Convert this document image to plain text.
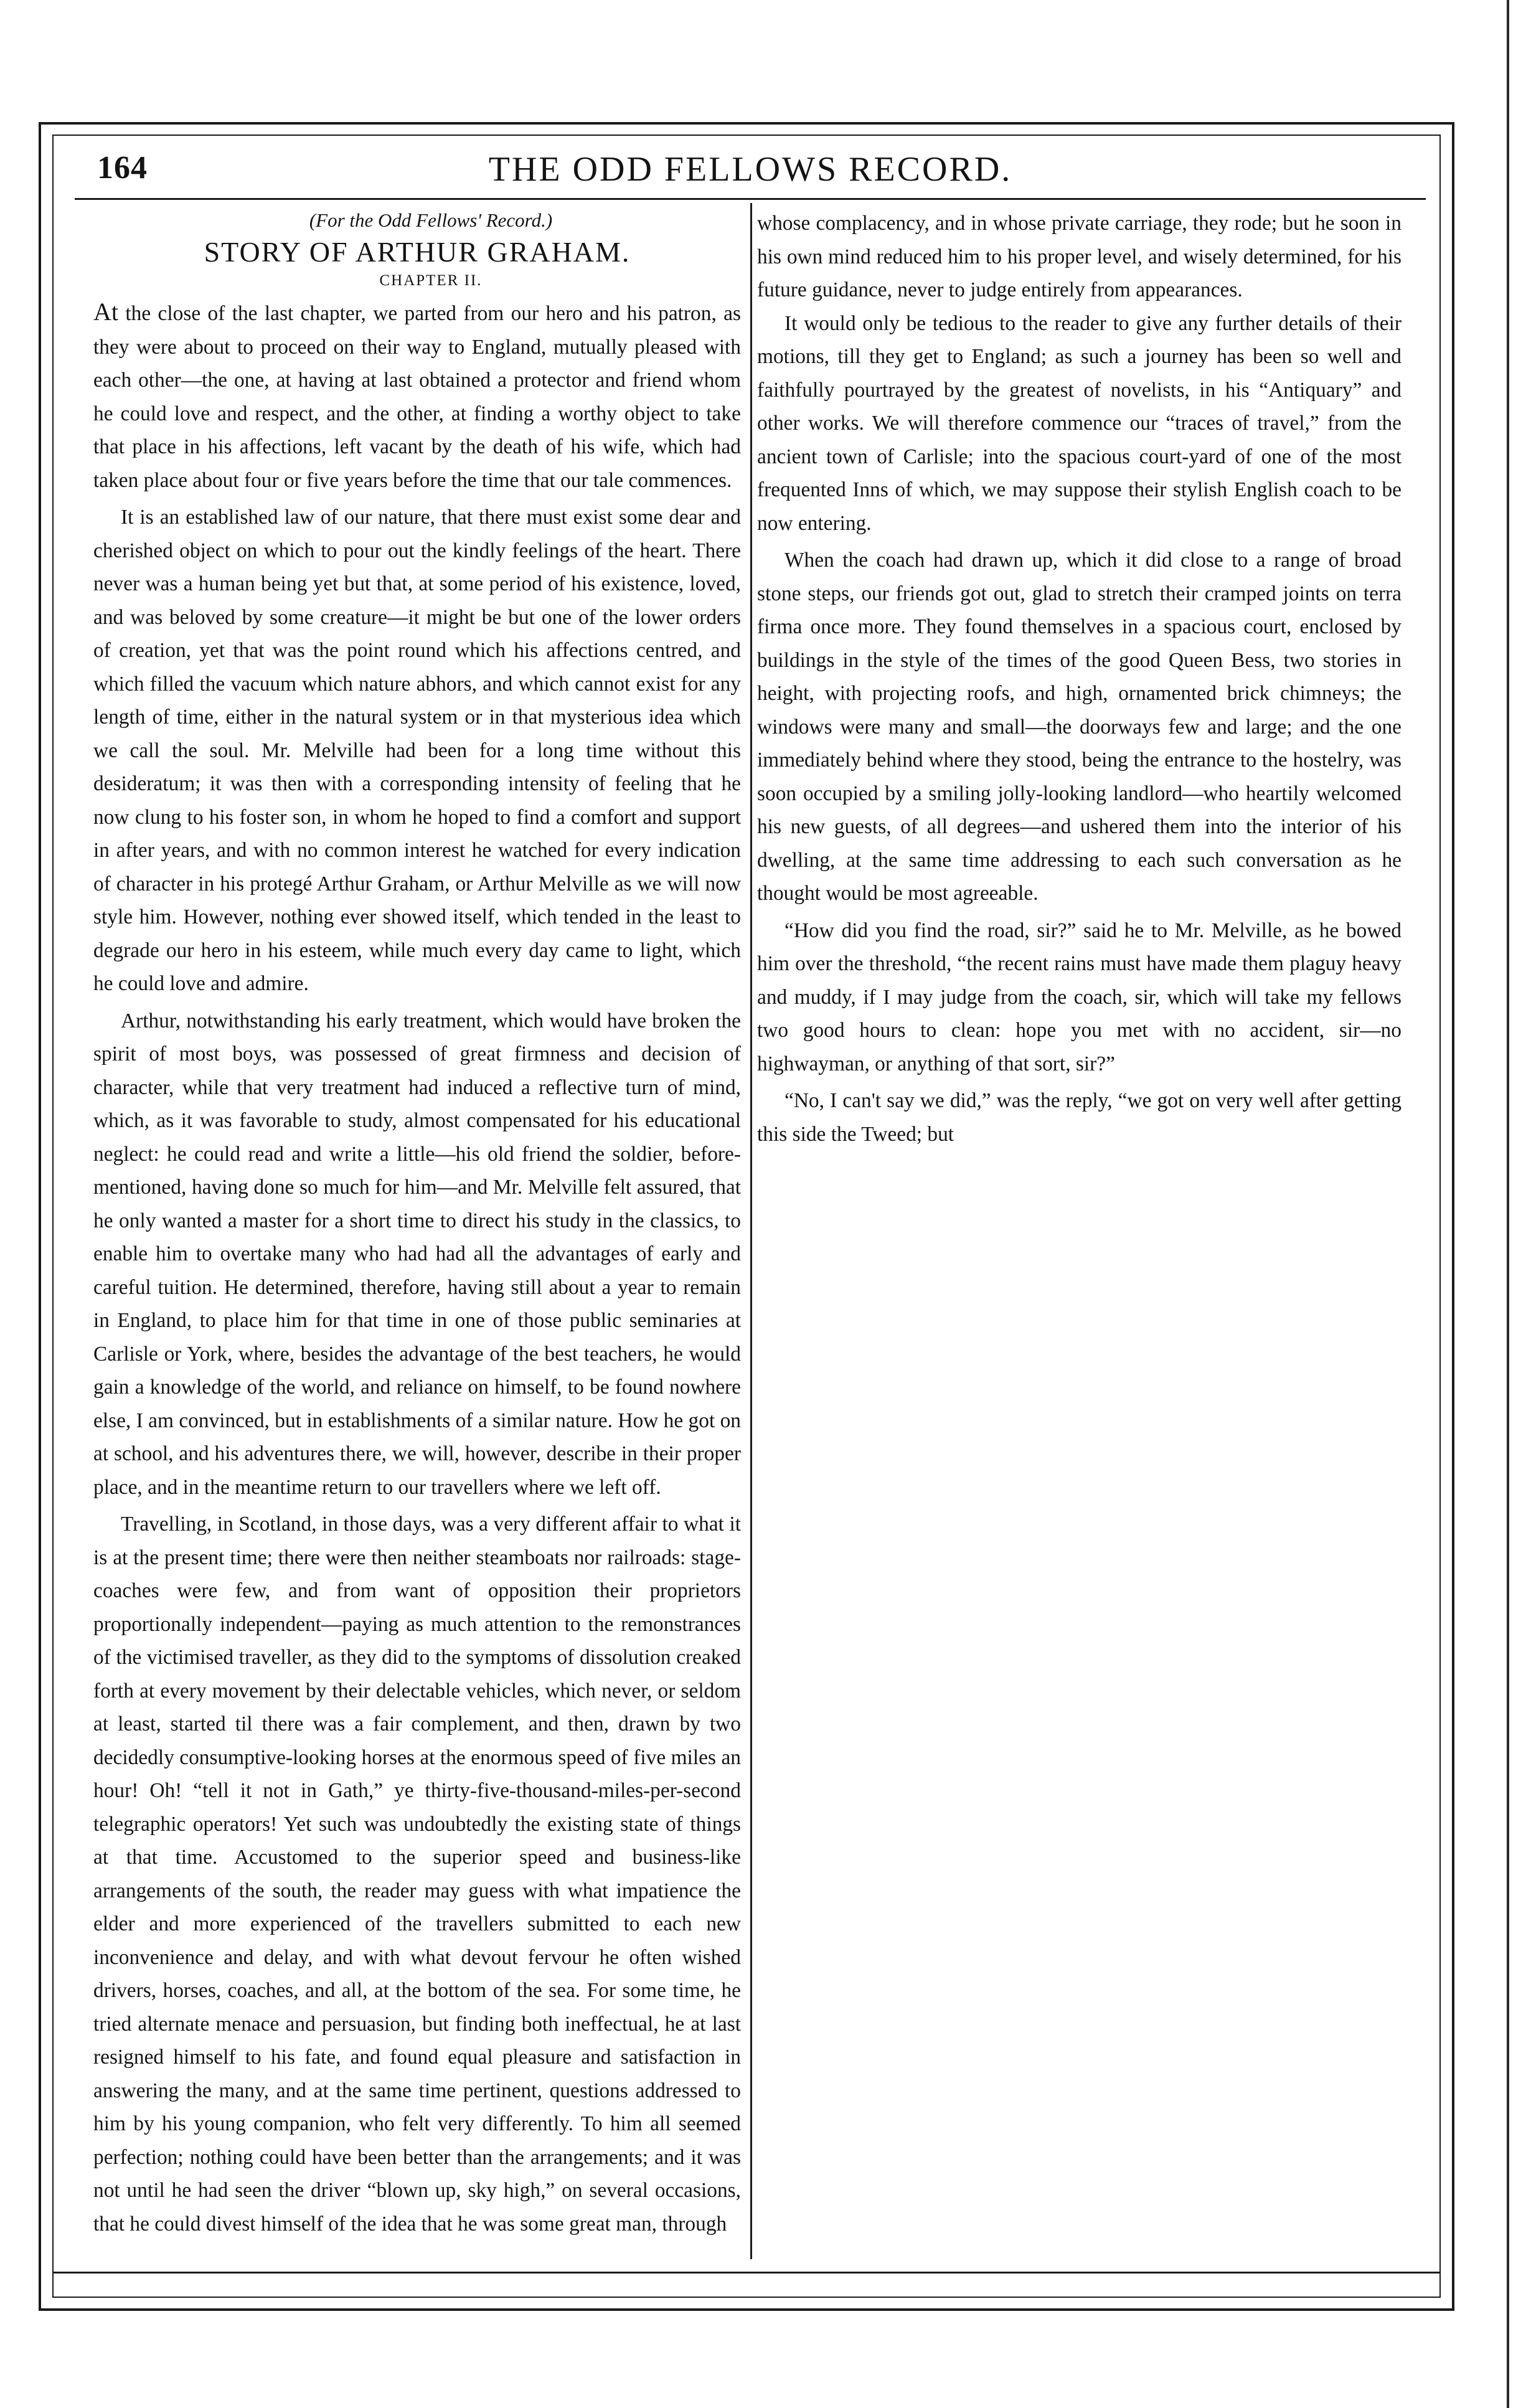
164	THE ODD FELLOWS RECORD.

(For the Odd Fellows' Record.)

STORY OF ARTHUR GRAHAM.

CHAPTER II.

At the close of the last chapter, we parted from our hero and his patron, as they were about to proceed on their way to England, mutually pleased with each other—the one, at having at last obtained a protector and friend whom he could love and respect, and the other, at finding a worthy object to take that place in his affections, left vacant by the death of his wife, which had taken place about four or five years before the time that our tale commences.

It is an established law of our nature, that there must exist some dear and cherished object on which to pour out the kindly feelings of the heart. There never was a human being yet but that, at some period of his existence, loved, and was beloved by some creature—it might be but one of the lower orders of creation, yet that was the point round which his affections centred, and which filled the vacuum which nature abhors, and which cannot exist for any length of time, either in the natural system or in that mysterious idea which we call the soul. Mr. Melville had been for a long time without this desideratum; it was then with a corresponding intensity of feeling that he now clung to his foster son, in whom he hoped to find a comfort and support in after years, and with no common interest he watched for every indication of character in his protegé Arthur Graham, or Arthur Melville as we will now style him. However, nothing ever showed itself, which tended in the least to degrade our hero in his esteem, while much every day came to light, which he could love and admire.

Arthur, notwithstanding his early treatment, which would have broken the spirit of most boys, was possessed of great firmness and decision of character, while that very treatment had induced a reflective turn of mind, which, as it was favorable to study, almost compensated for his educational neglect: he could read and write a little—his old friend the soldier, before-mentioned, having done so much for him—and Mr. Melville felt assured, that he only wanted a master for a short time to direct his study in the classics, to enable him to overtake many who had had all the advantages of early and careful tuition. He determined, therefore, having still about a year to remain in England, to place him for that time in one of those public seminaries at Carlisle or York, where, besides the advantage of the best teachers, he would gain a knowledge of the world, and reliance on himself, to be found nowhere else, I am convinced, but in establishments of a similar nature. How he got on at school, and his adventures there, we will, however, describe in their proper place, and in the meantime return to our travellers where we left off.

Travelling, in Scotland, in those days, was a very different affair to what it is at the present time; there were then neither steamboats nor railroads: stage-coaches were few, and from want of opposition their proprietors proportionally independent—paying as much attention to the remonstrances of the victimised traveller, as they did to the symptoms of dissolution creaked forth at every movement by their delectable vehicles, which never, or seldom at least, started til there was a fair complement, and then, drawn by two decidedly consumptive-looking horses at the enormous speed of five miles an hour! Oh! “tell it not in Gath,” ye thirty-five-thousand-miles-per-second telegraphic operators! Yet such was undoubtedly the existing state of things at that time. Accustomed to the superior speed and business-like arrangements of the south, the reader may guess with what impatience the elder and more experienced of the travellers submitted to each new inconvenience and delay, and with what devout fervour he often wished drivers, horses, coaches, and all, at the bottom of the sea. For some time, he tried alternate menace and persuasion, but finding both ineffectual, he at last resigned himself to his fate, and found equal pleasure and satisfaction in answering the many, and at the same time pertinent, questions addressed to him by his young companion, who felt very differently. To him all seemed perfection; nothing could have been better than the arrangements; and it was not until he had seen the driver “blown up, sky high,” on several occasions, that he could divest himself of the idea that he was some great man, through

whose complacency, and in whose private carriage, they rode; but he soon in his own mind reduced him to his proper level, and wisely determined, for his future guidance, never to judge entirely from appearances.

It would only be tedious to the reader to give any further details of their motions, till they get to England; as such a journey has been so well and faithfully pourtrayed by the greatest of novelists, in his “Antiquary” and other works. We will therefore commence our “traces of travel,” from the ancient town of Carlisle; into the spacious court-yard of one of the most frequented Inns of which, we may suppose their stylish English coach to be now entering.

When the coach had drawn up, which it did close to a range of broad stone steps, our friends got out, glad to stretch their cramped joints on terra firma once more. They found themselves in a spacious court, enclosed by buildings in the style of the times of the good Queen Bess, two stories in height, with projecting roofs, and high, ornamented brick chimneys; the windows were many and small—the doorways few and large; and the one immediately behind where they stood, being the entrance to the hostelry, was soon occupied by a smiling jolly-looking landlord—who heartily welcomed his new guests, of all degrees—and ushered them into the interior of his dwelling, at the same time addressing to each such conversation as he thought would be most agreeable.

“How did you find the road, sir?” said he to Mr. Melville, as he bowed him over the threshold, “the recent rains must have made them plaguy heavy and muddy, if I may judge from the coach, sir, which will take my fellows two good hours to clean: hope you met with no accident, sir—no highwayman, or anything of that sort, sir?”

“No, I can't say we did,” was the reply, “we got on very well after getting this side the Tweed; but
